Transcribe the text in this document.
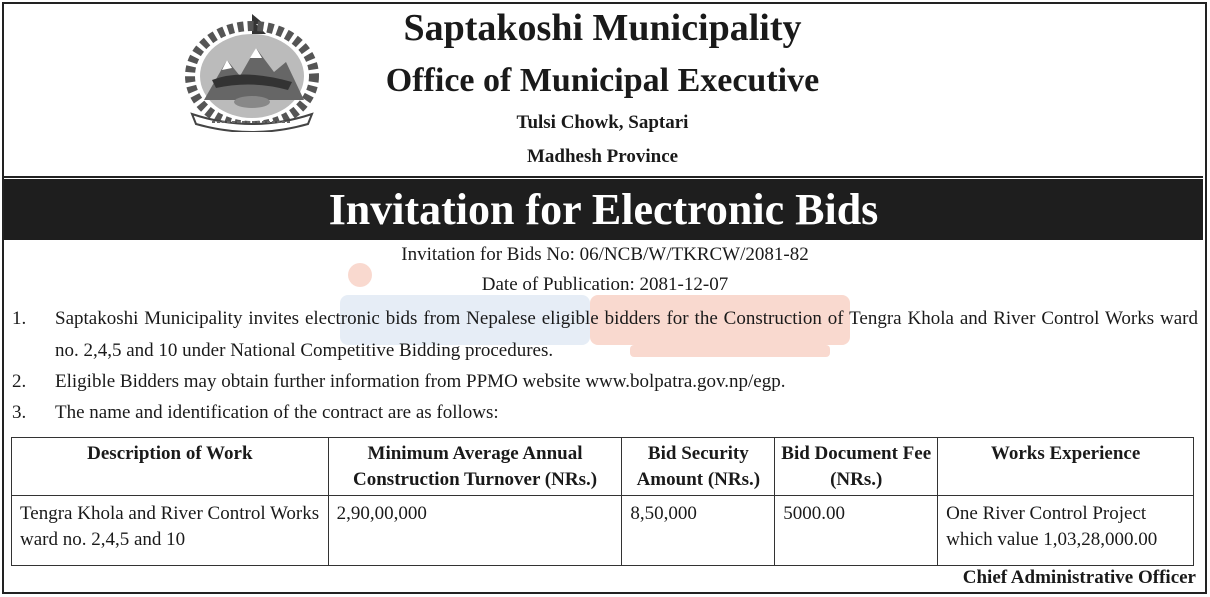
Saptakoshi Municipality
Office of Municipal Executive
Tulsi Chowk, Saptari
Madhesh Province
Invitation for Electronic Bids
Invitation for Bids No: 06/NCB/W/TKRCW/2081-82
Date of Publication: 2081-12-07
1. Saptakoshi Municipality invites electronic bids from Nepalese eligible bidders for the Construction of Tengra Khola and River Control Works ward no. 2,4,5 and 10 under National Competitive Bidding procedures.
2. Eligible Bidders may obtain further information from PPMO website www.bolpatra.gov.np/egp.
3. The name and identification of the contract are as follows:
Description of Work	Minimum Average Annual Construction Turnover (NRs.)	Bid Security Amount (NRs.)	Bid Document Fee (NRs.)	Works Experience
Tengra Khola and River Control Works ward no. 2,4,5 and 10	2,90,00,000	8,50,000	5000.00	One River Control Project which value 1,03,28,000.00
Chief Administrative Officer
